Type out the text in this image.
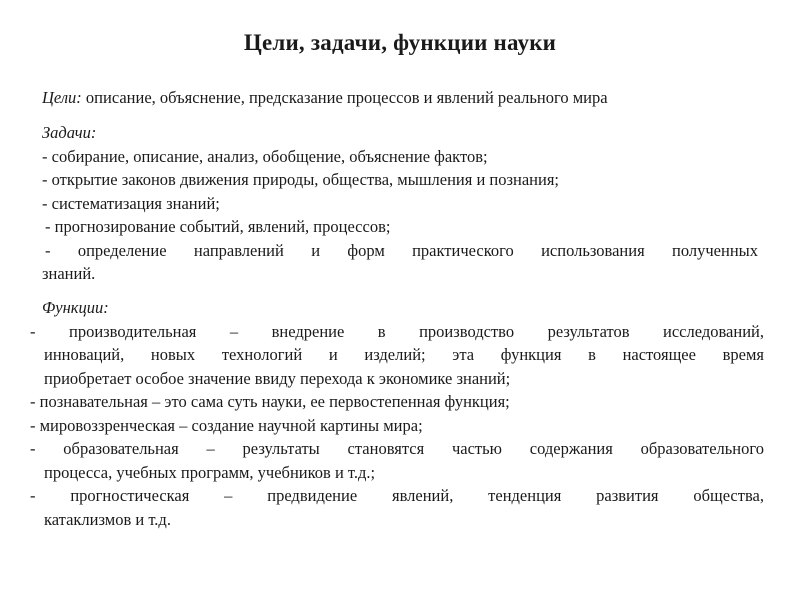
Цели, задачи, функции науки
Цели: описание, объяснение, предсказание процессов и явлений реального мира
Задачи:
- собирание, описание, анализ, обобщение, объяснение фактов;
- открытие законов движения природы, общества, мышления и познания;
- систематизация знаний;
- прогнозирование событий, явлений, процессов;
- определение направлений и форм практического использования полученных
знаний.
Функции:
- производительная – внедрение в производство результатов исследований,
инноваций, новых технологий и изделий; эта функция в настоящее время
приобретает особое значение ввиду перехода к экономике знаний;
- познавательная – это сама суть науки, ее первостепенная функция;
- мировоззренческая – создание научной картины мира;
- образовательная – результаты становятся частью содержания образовательного
процесса, учебных программ, учебников и т.д.;
- прогностическая – предвидение явлений, тенденция развития общества,
катаклизмов и т.д.
